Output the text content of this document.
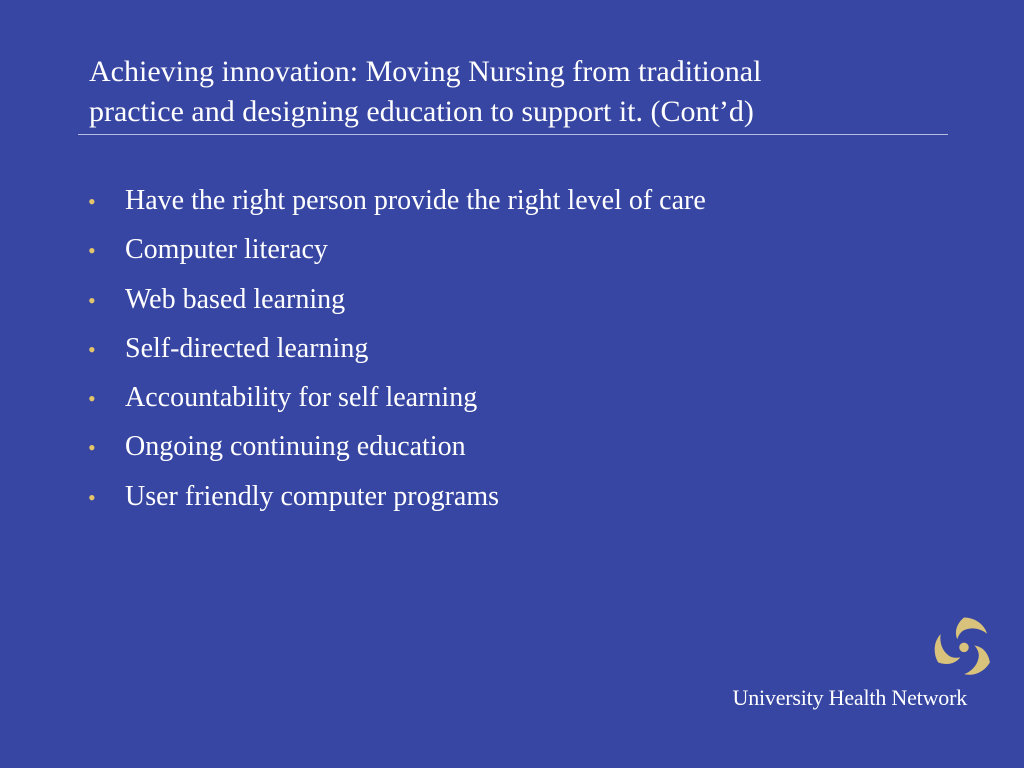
Achieving innovation: Moving Nursing from traditional
practice and designing education to support it. (Cont’d)
•	Have the right person provide the right level of care
•	Computer literacy
•	Web based learning
•	Self-directed learning
•	Accountability for self learning
•	Ongoing continuing education
•	User friendly computer programs
University Health Network
